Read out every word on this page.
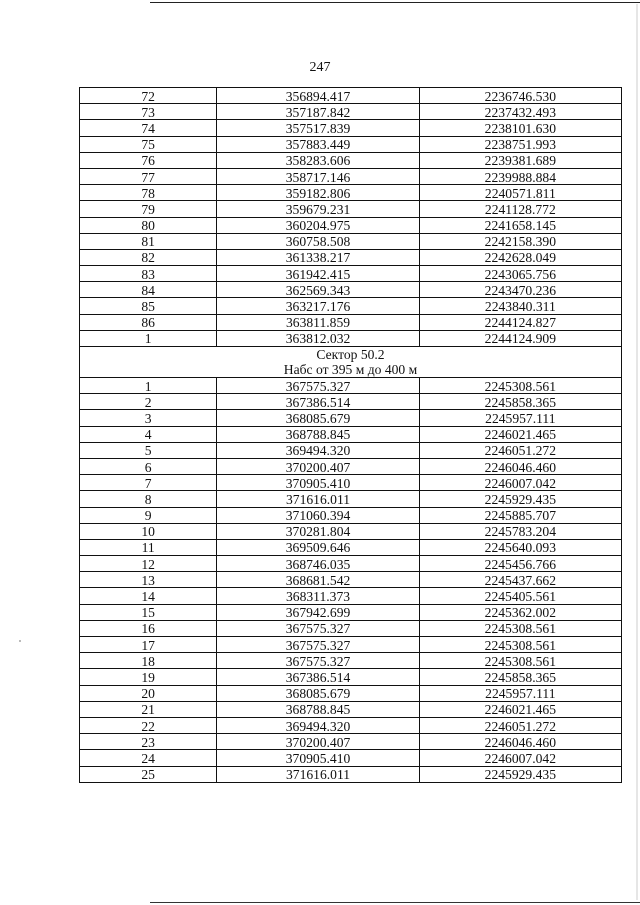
247
72	356894.417	2236746.530
73	357187.842	2237432.493
74	357517.839	2238101.630
75	357883.449	2238751.993
76	358283.606	2239381.689
77	358717.146	2239988.884
78	359182.806	2240571.811
79	359679.231	2241128.772
80	360204.975	2241658.145
81	360758.508	2242158.390
82	361338.217	2242628.049
83	361942.415	2243065.756
84	362569.343	2243470.236
85	363217.176	2243840.311
86	363811.859	2244124.827
1	363812.032	2244124.909

Сектор 50.2
Набс от 395 м до 400 м		

1	367575.327	2245308.561
2	367386.514	2245858.365
3	368085.679	2245957.111
4	368788.845	2246021.465
5	369494.320	2246051.272
6	370200.407	2246046.460
7	370905.410	2246007.042
8	371616.011	2245929.435
9	371060.394	2245885.707
10	370281.804	2245783.204
11	369509.646	2245640.093
12	368746.035	2245456.766
13	368681.542	2245437.662
14	368311.373	2245405.561
15	367942.699	2245362.002
16	367575.327	2245308.561
17	367575.327	2245308.561
18	367575.327	2245308.561
19	367386.514	2245858.365
20	368085.679	2245957.111
21	368788.845	2246021.465
22	369494.320	2246051.272
23	370200.407	2246046.460
24	370905.410	2246007.042
25	371616.011	2245929.435
